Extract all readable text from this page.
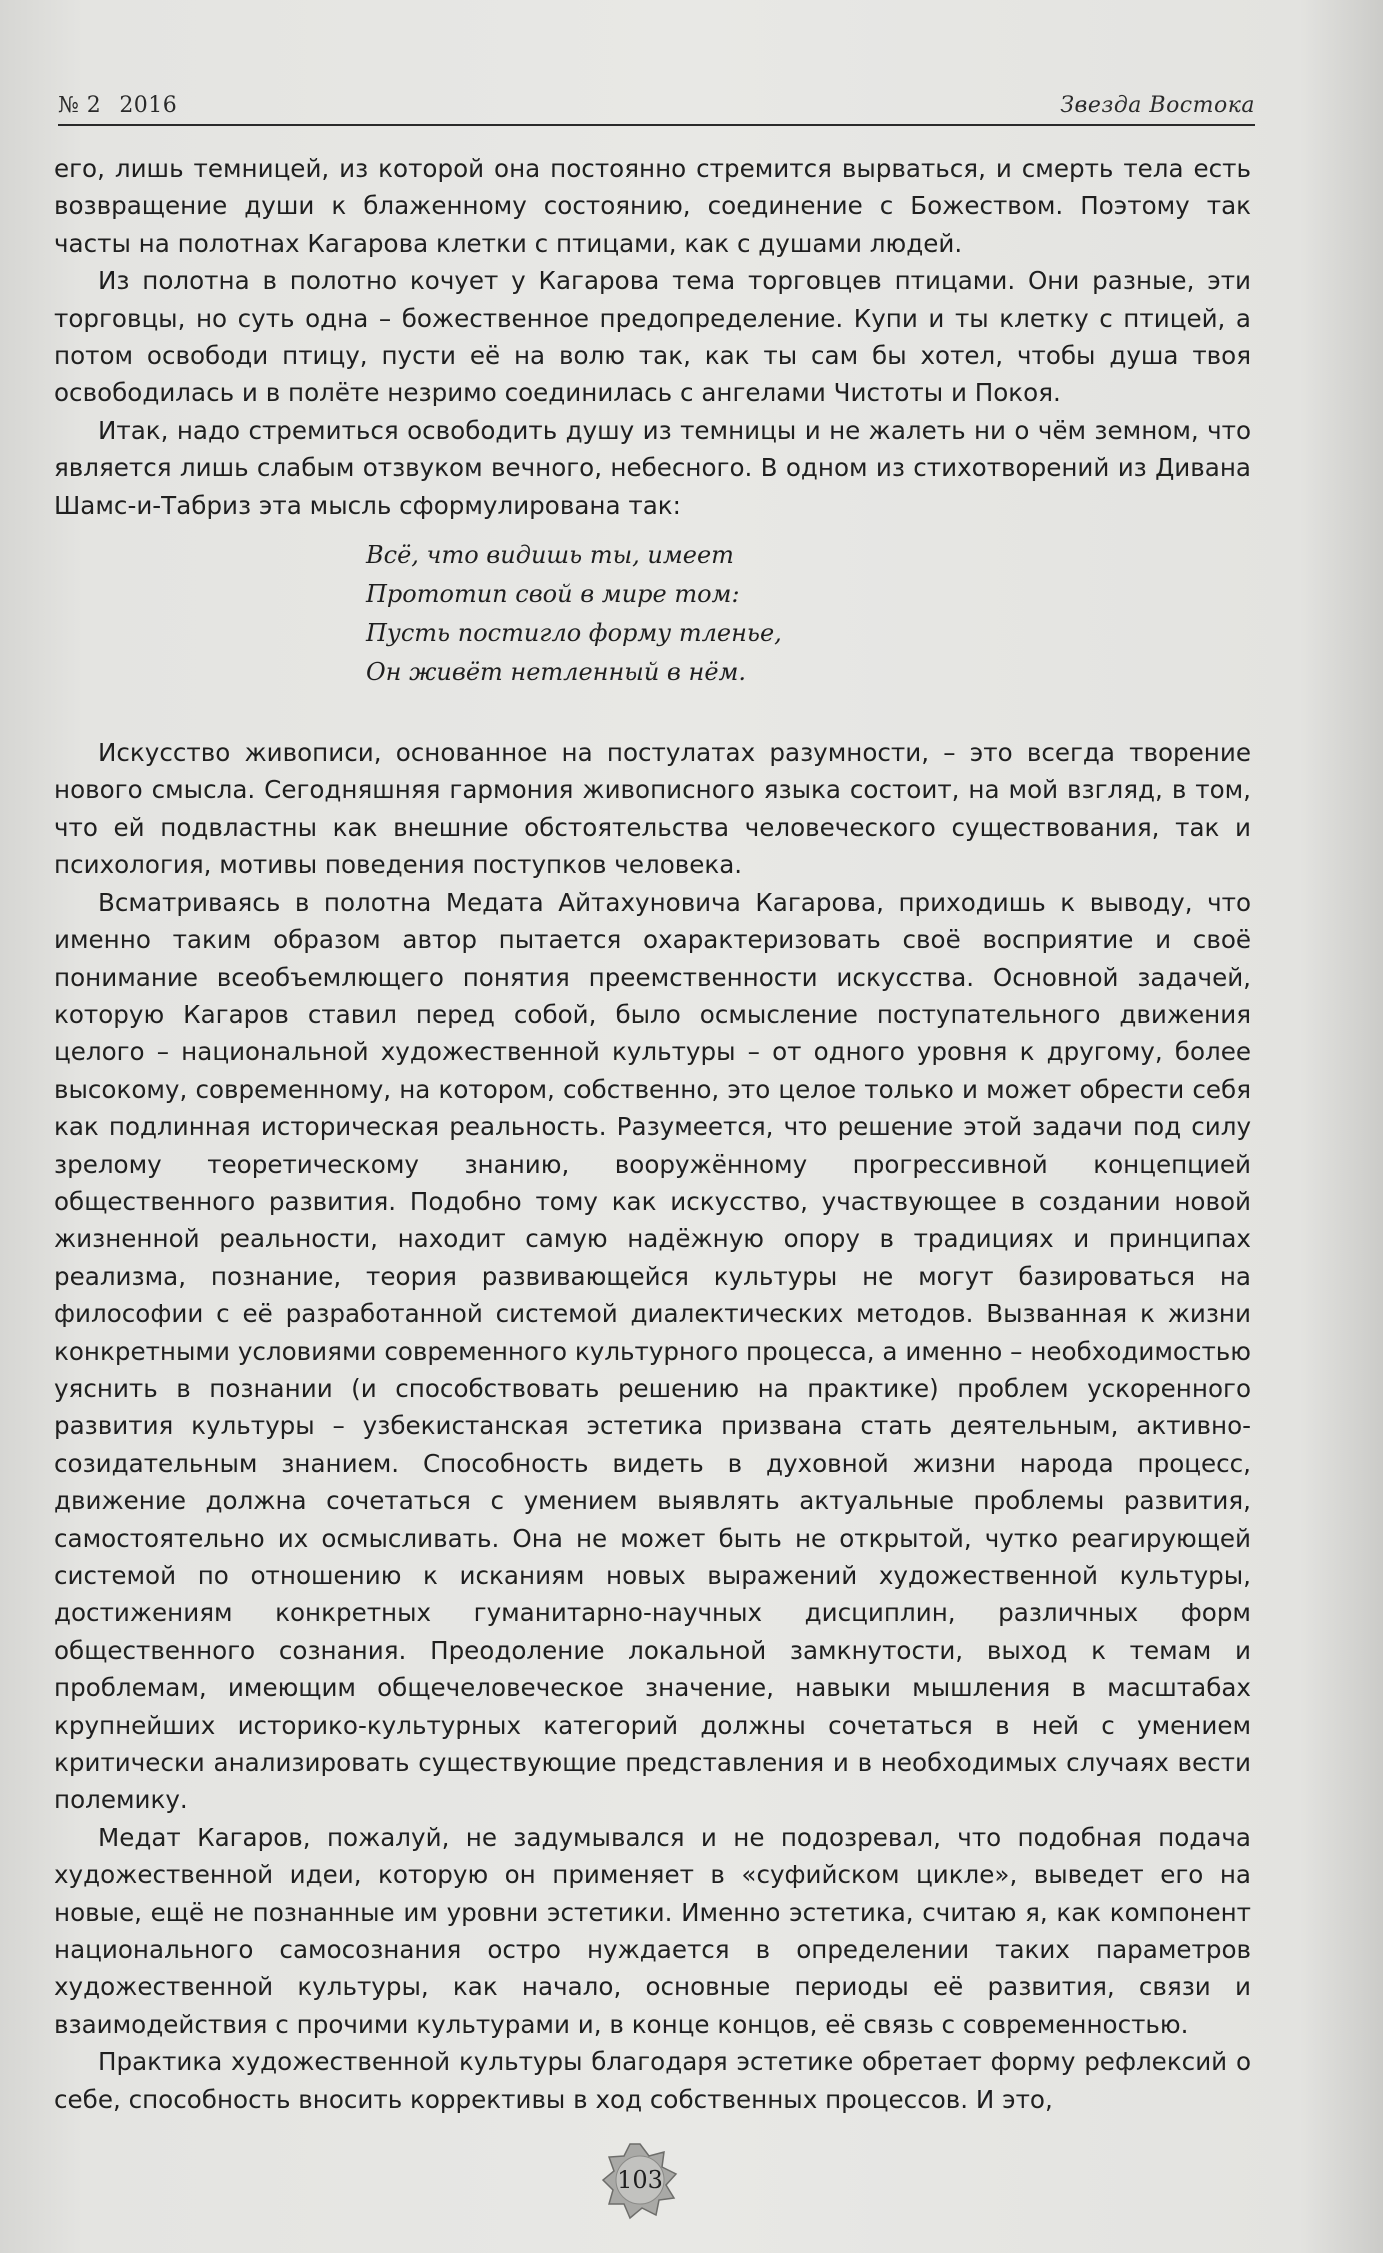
№ 2 2016	Звезда Востока

его, лишь темницей, из которой она постоянно стремится вырваться, и смерть тела есть возвращение души к блаженному состоянию, соединение с Божеством. Поэтому так часты на полотнах Кагарова клетки с птицами, как с душами людей.

Из полотна в полотно кочует у Кагарова тема торговцев птицами. Они разные, эти торговцы, но суть одна – божественное предопределение. Купи и ты клетку с птицей, а потом освободи птицу, пусти её на волю так, как ты сам бы хотел, чтобы душа твоя освободилась и в полёте незримо соединилась с ангелами Чистоты и Покоя.

Итак, надо стремиться освободить душу из темницы и не жалеть ни о чём земном, что является лишь слабым отзвуком вечного, небесного. В одном из стихотворений из Дивана Шамс-и-Табриз эта мысль сформулирована так:

Всё, что видишь ты, имеет
Прототип свой в мире том:
Пусть постигло форму тленье,
Он живёт нетленный в нём.

Искусство живописи, основанное на постулатах разумности, – это всегда творение нового смысла. Сегодняшняя гармония живописного языка состоит, на мой взгляд, в том, что ей подвластны как внешние обстоятельства человеческого существования, так и психология, мотивы поведения поступков человека.

Всматриваясь в полотна Медата Айтахуновича Кагарова, приходишь к выводу, что именно таким образом автор пытается охарактеризовать своё восприятие и своё понимание всеобъемлющего понятия преемственности искусства. Основной задачей, которую Кагаров ставил перед собой, было осмысление поступательного движения целого – национальной художественной культуры – от одного уровня к другому, более высокому, современному, на котором, собственно, это целое только и может обрести себя как подлинная историческая реальность. Разумеется, что решение этой задачи под силу зрелому теоретическому знанию, вооружённому прогрессивной концепцией общественного развития. Подобно тому как искусство, участвующее в создании новой жизненной реальности, находит самую надёжную опору в традициях и принципах реализма, познание, теория развивающейся культуры не могут базироваться на философии с её разработанной системой диалектических методов. Вызванная к жизни конкретными условиями современного культурного процесса, а именно – необходимостью уяснить в познании (и способствовать решению на практике) проблем ускоренного развития культуры – узбекистанская эстетика призвана стать деятельным, активно-созидательным знанием. Способность видеть в духовной жизни народа процесс, движение должна сочетаться с умением выявлять актуальные проблемы развития, самостоятельно их осмысливать. Она не может быть не открытой, чутко реагирующей системой по отношению к исканиям новых выражений художественной культуры, достижениям конкретных гуманитарно-научных дисциплин, различных форм общественного сознания. Преодоление локальной замкнутости, выход к темам и проблемам, имеющим общечеловеческое значение, навыки мышления в масштабах крупнейших историко-культурных категорий должны сочетаться в ней с умением критически анализировать существующие представления и в необходимых случаях вести полемику.

Медат Кагаров, пожалуй, не задумывался и не подозревал, что подобная подача художественной идеи, которую он применяет в «суфийском цикле», выведет его на новые, ещё не познанные им уровни эстетики. Именно эстетика, считаю я, как компонент национального самосознания остро нуждается в определении таких параметров художественной культуры, как начало, основные периоды её развития, связи и взаимодействия с прочими культурами и, в конце концов, её связь с современностью.

Практика художественной культуры благодаря эстетике обретает форму рефлексий о себе, способность вносить коррективы в ход собственных процессов. И это,

103
